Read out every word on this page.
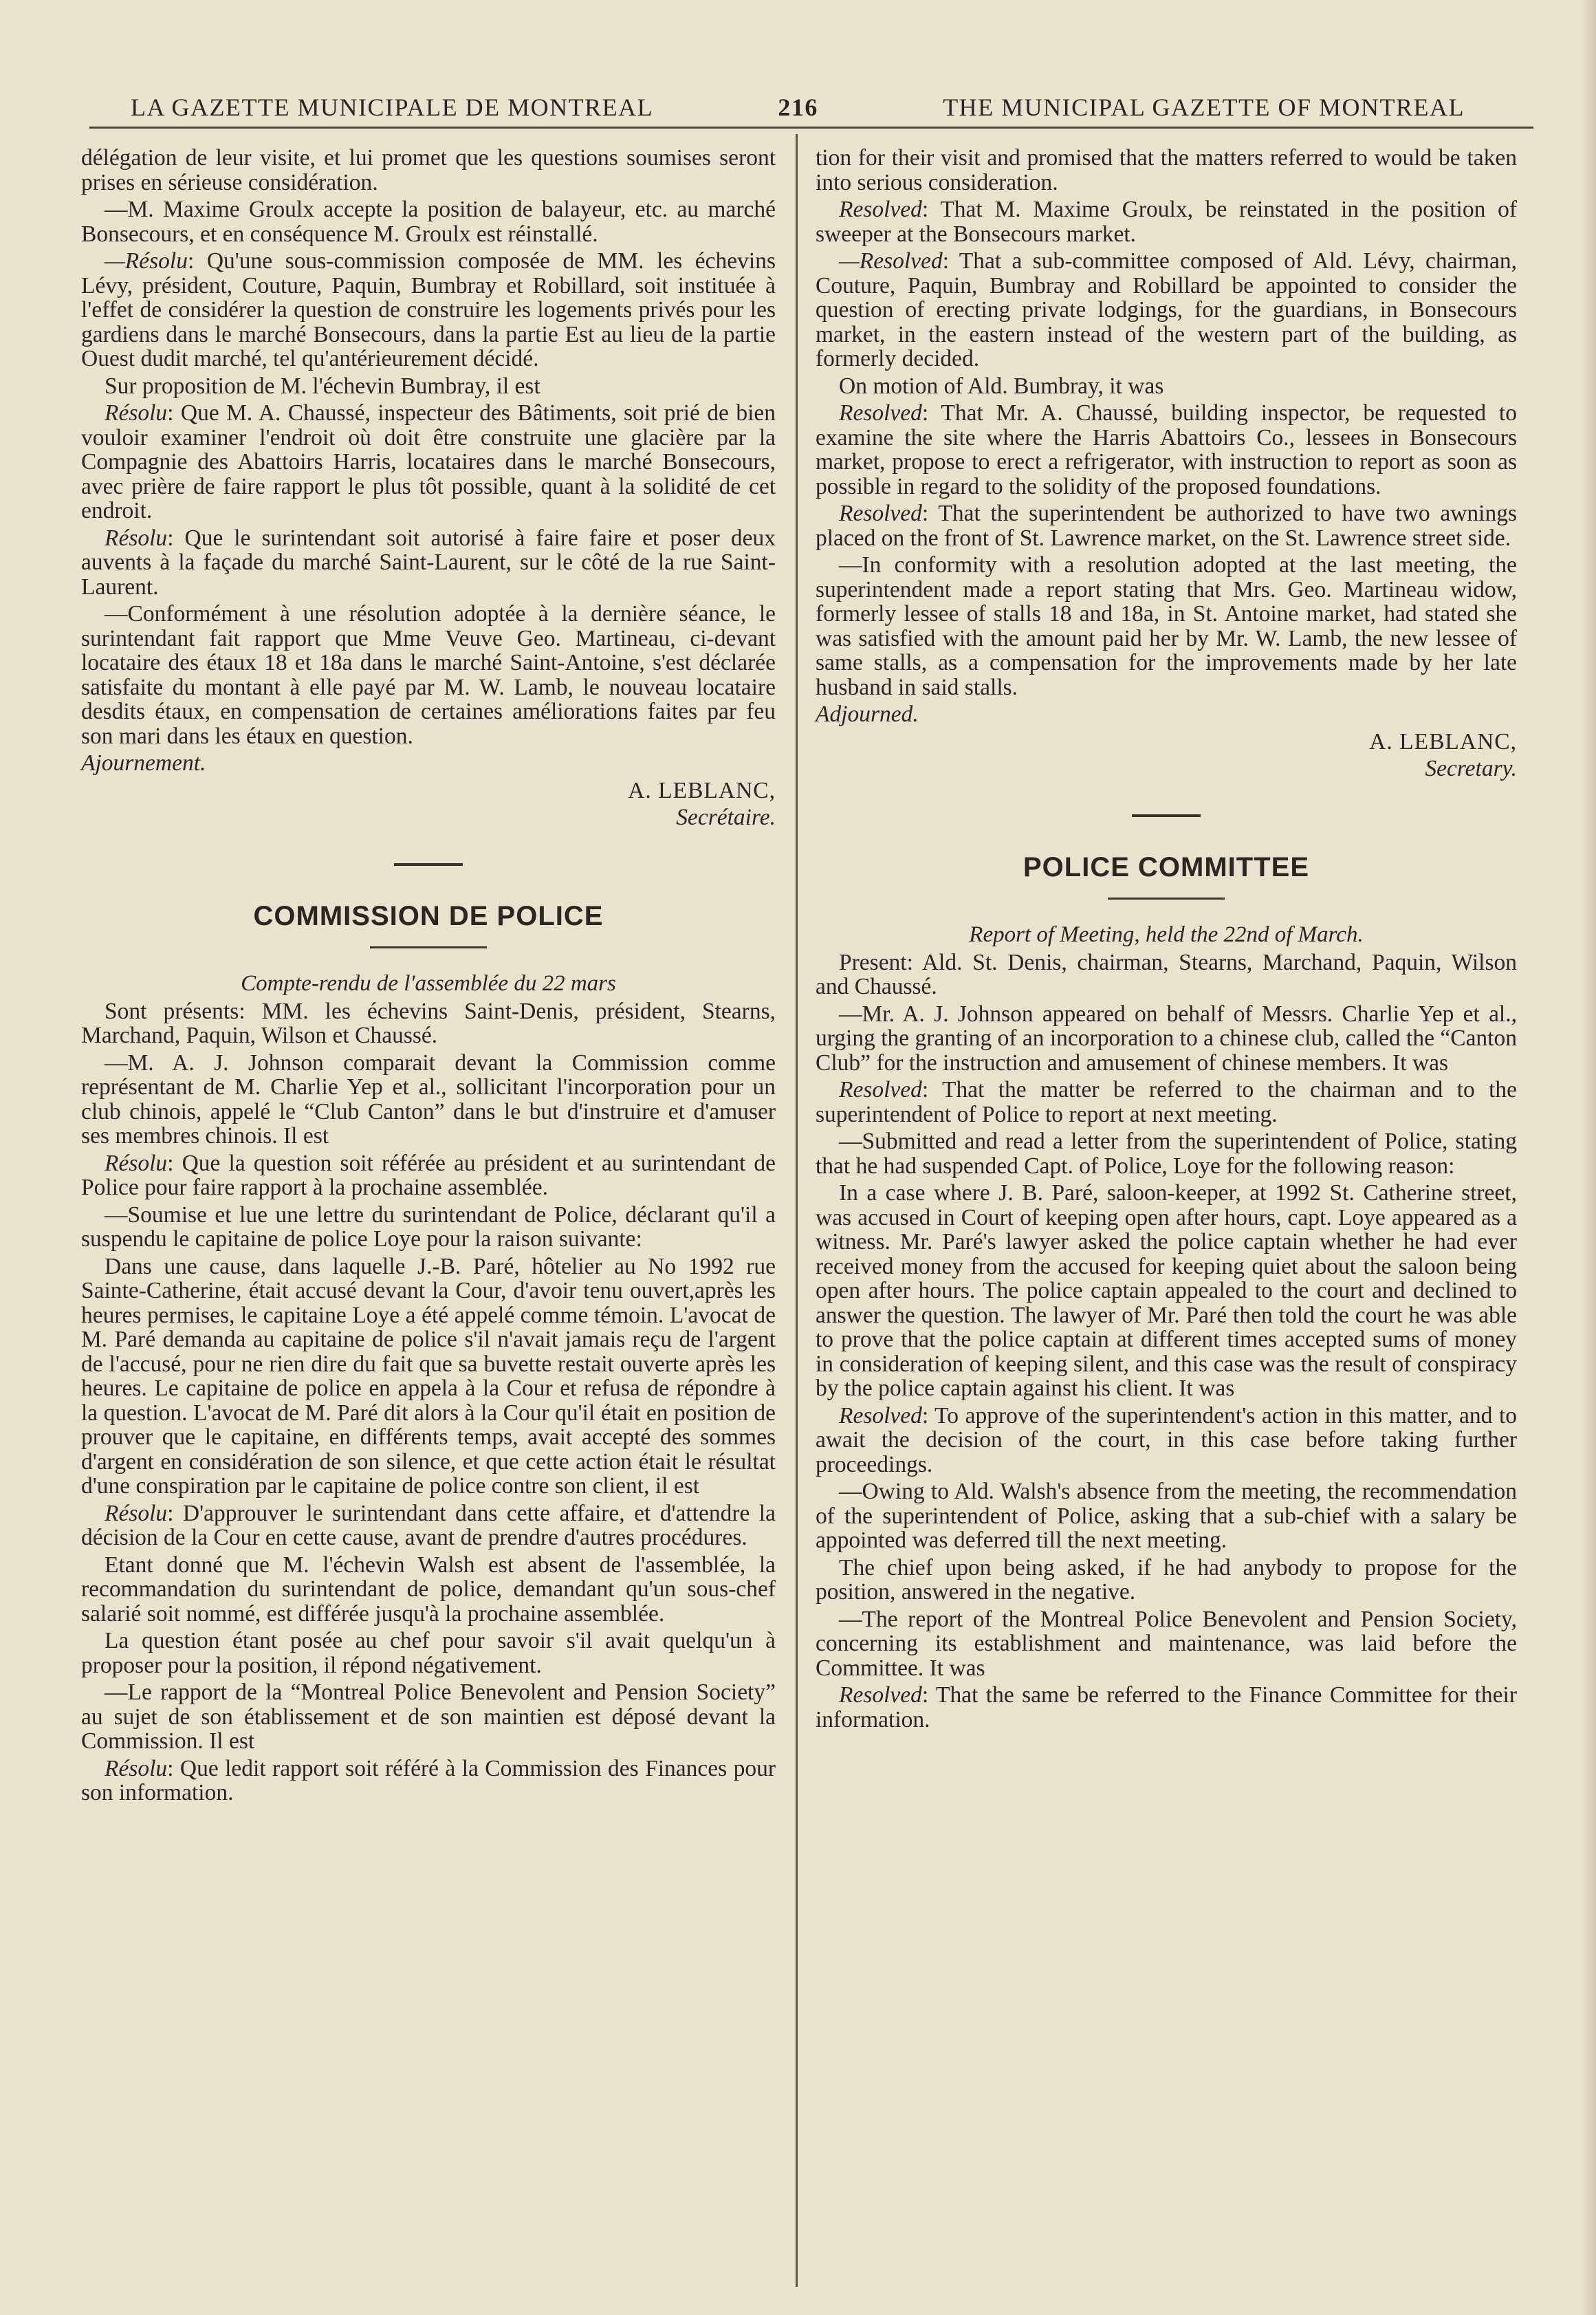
LA GAZETTE MUNICIPALE DE MONTREAL	216	THE MUNICIPAL GAZETTE OF MONTREAL

délégation de leur visite, et lui promet que les questions soumises seront prises en sérieuse considération.

—M. Maxime Groulx accepte la position de balayeur, etc. au marché Bonsecours, et en conséquence M. Groulx est réinstallé.

—Résolu: Qu'une sous-commission composée de MM. les échevins Lévy, président, Couture, Paquin, Bumbray et Robillard, soit instituée à l'effet de considérer la question de construire les logements privés pour les gardiens dans le marché Bonsecours, dans la partie Est au lieu de la partie Ouest dudit marché, tel qu'antérieurement décidé.

Sur proposition de M. l'échevin Bumbray, il est

Résolu: Que M. A. Chaussé, inspecteur des Bâtiments, soit prié de bien vouloir examiner l'endroit où doit être construite une glacière par la Compagnie des Abattoirs Harris, locataires dans le marché Bonsecours, avec prière de faire rapport le plus tôt possible, quant à la solidité de cet endroit.

Résolu: Que le surintendant soit autorisé à faire faire et poser deux auvents à la façade du marché Saint-Laurent, sur le côté de la rue Saint-Laurent.

—Conformément à une résolution adoptée à la dernière séance, le surintendant fait rapport que Mme Veuve Geo. Martineau, ci-devant locataire des étaux 18 et 18a dans le marché Saint-Antoine, s'est déclarée satisfaite du montant à elle payé par M. W. Lamb, le nouveau locataire desdits étaux, en compensation de certaines améliorations faites par feu son mari dans les étaux en question.

Ajournement.

A. LEBLANC,

Secrétaire.

COMMISSION DE POLICE

Compte-rendu de l'assemblée du 22 mars

Sont présents: MM. les échevins Saint-Denis, président, Stearns, Marchand, Paquin, Wilson et Chaussé.

—M. A. J. Johnson comparait devant la Commission comme représentant de M. Charlie Yep et al., sollicitant l'incorporation pour un club chinois, appelé le “Club Canton” dans le but d'instruire et d'amuser ses membres chinois. Il est

Résolu: Que la question soit référée au président et au surintendant de Police pour faire rapport à la prochaine assemblée.

—Soumise et lue une lettre du surintendant de Police, déclarant qu'il a suspendu le capitaine de police Loye pour la raison suivante:

Dans une cause, dans laquelle J.-B. Paré, hôtelier au No 1992 rue Sainte-Catherine, était accusé devant la Cour, d'avoir tenu ouvert,après les heures permises, le capitaine Loye a été appelé comme témoin. L'avocat de M. Paré demanda au capitaine de police s'il n'avait jamais reçu de l'argent de l'accusé, pour ne rien dire du fait que sa buvette restait ouverte après les heures. Le capitaine de police en appela à la Cour et refusa de répondre à la question. L'avocat de M. Paré dit alors à la Cour qu'il était en position de prouver que le capitaine, en différents temps, avait accepté des sommes d'argent en considération de son silence, et que cette action était le résultat d'une conspiration par le capitaine de police contre son client, il est

Résolu: D'approuver le surintendant dans cette affaire, et d'attendre la décision de la Cour en cette cause, avant de prendre d'autres procédures.

Etant donné que M. l'échevin Walsh est absent de l'assemblée, la recommandation du surintendant de police, demandant qu'un sous-chef salarié soit nommé, est différée jusqu'à la prochaine assemblée.

La question étant posée au chef pour savoir s'il avait quelqu'un à proposer pour la position, il répond négativement.

—Le rapport de la “Montreal Police Benevolent and Pension Society” au sujet de son établissement et de son maintien est déposé devant la Commission. Il est

Résolu: Que ledit rapport soit référé à la Commission des Finances pour son information.

tion for their visit and promised that the matters referred to would be taken into serious consideration.

Resolved: That M. Maxime Groulx, be reinstated in the position of sweeper at the Bonsecours market.

—Resolved: That a sub-committee composed of Ald. Lévy, chairman, Couture, Paquin, Bumbray and Robillard be appointed to consider the question of erecting private lodgings, for the guardians, in Bonsecours market, in the eastern instead of the western part of the building, as formerly decided.

On motion of Ald. Bumbray, it was

Resolved: That Mr. A. Chaussé, building inspector, be requested to examine the site where the Harris Abattoirs Co., lessees in Bonsecours market, propose to erect a refrigerator, with instruction to report as soon as possible in regard to the solidity of the proposed foundations.

Resolved: That the superintendent be authorized to have two awnings placed on the front of St. Lawrence market, on the St. Lawrence street side.

—In conformity with a resolution adopted at the last meeting, the superintendent made a report stating that Mrs. Geo. Martineau widow, formerly lessee of stalls 18 and 18a, in St. Antoine market, had stated she was satisfied with the amount paid her by Mr. W. Lamb, the new lessee of same stalls, as a compensation for the improvements made by her late husband in said stalls.

Adjourned.

A. LEBLANC,

Secretary.

POLICE COMMITTEE

Report of Meeting, held the 22nd of March.

Present: Ald. St. Denis, chairman, Stearns, Marchand, Paquin, Wilson and Chaussé.

—Mr. A. J. Johnson appeared on behalf of Messrs. Charlie Yep et al., urging the granting of an incorporation to a chinese club, called the “Canton Club” for the instruction and amusement of chinese members. It was

Resolved: That the matter be referred to the chairman and to the superintendent of Police to report at next meeting.

—Submitted and read a letter from the superintendent of Police, stating that he had suspended Capt. of Police, Loye for the following reason:

In a case where J. B. Paré, saloon-keeper, at 1992 St. Catherine street, was accused in Court of keeping open after hours, capt. Loye appeared as a witness. Mr. Paré's lawyer asked the police captain whether he had ever received money from the accused for keeping quiet about the saloon being open after hours. The police captain appealed to the court and declined to answer the question. The lawyer of Mr. Paré then told the court he was able to prove that the police captain at different times accepted sums of money in consideration of keeping silent, and this case was the result of conspiracy by the police captain against his client. It was

Resolved: To approve of the superintendent's action in this matter, and to await the decision of the court, in this case before taking further proceedings.

—Owing to Ald. Walsh's absence from the meeting, the recommendation of the superintendent of Police, asking that a sub-chief with a salary be appointed was deferred till the next meeting.

The chief upon being asked, if he had anybody to propose for the position, answered in the negative.

—The report of the Montreal Police Benevolent and Pension Society, concerning its establishment and maintenance, was laid before the Committee. It was

Resolved: That the same be referred to the Finance Committee for their information.
